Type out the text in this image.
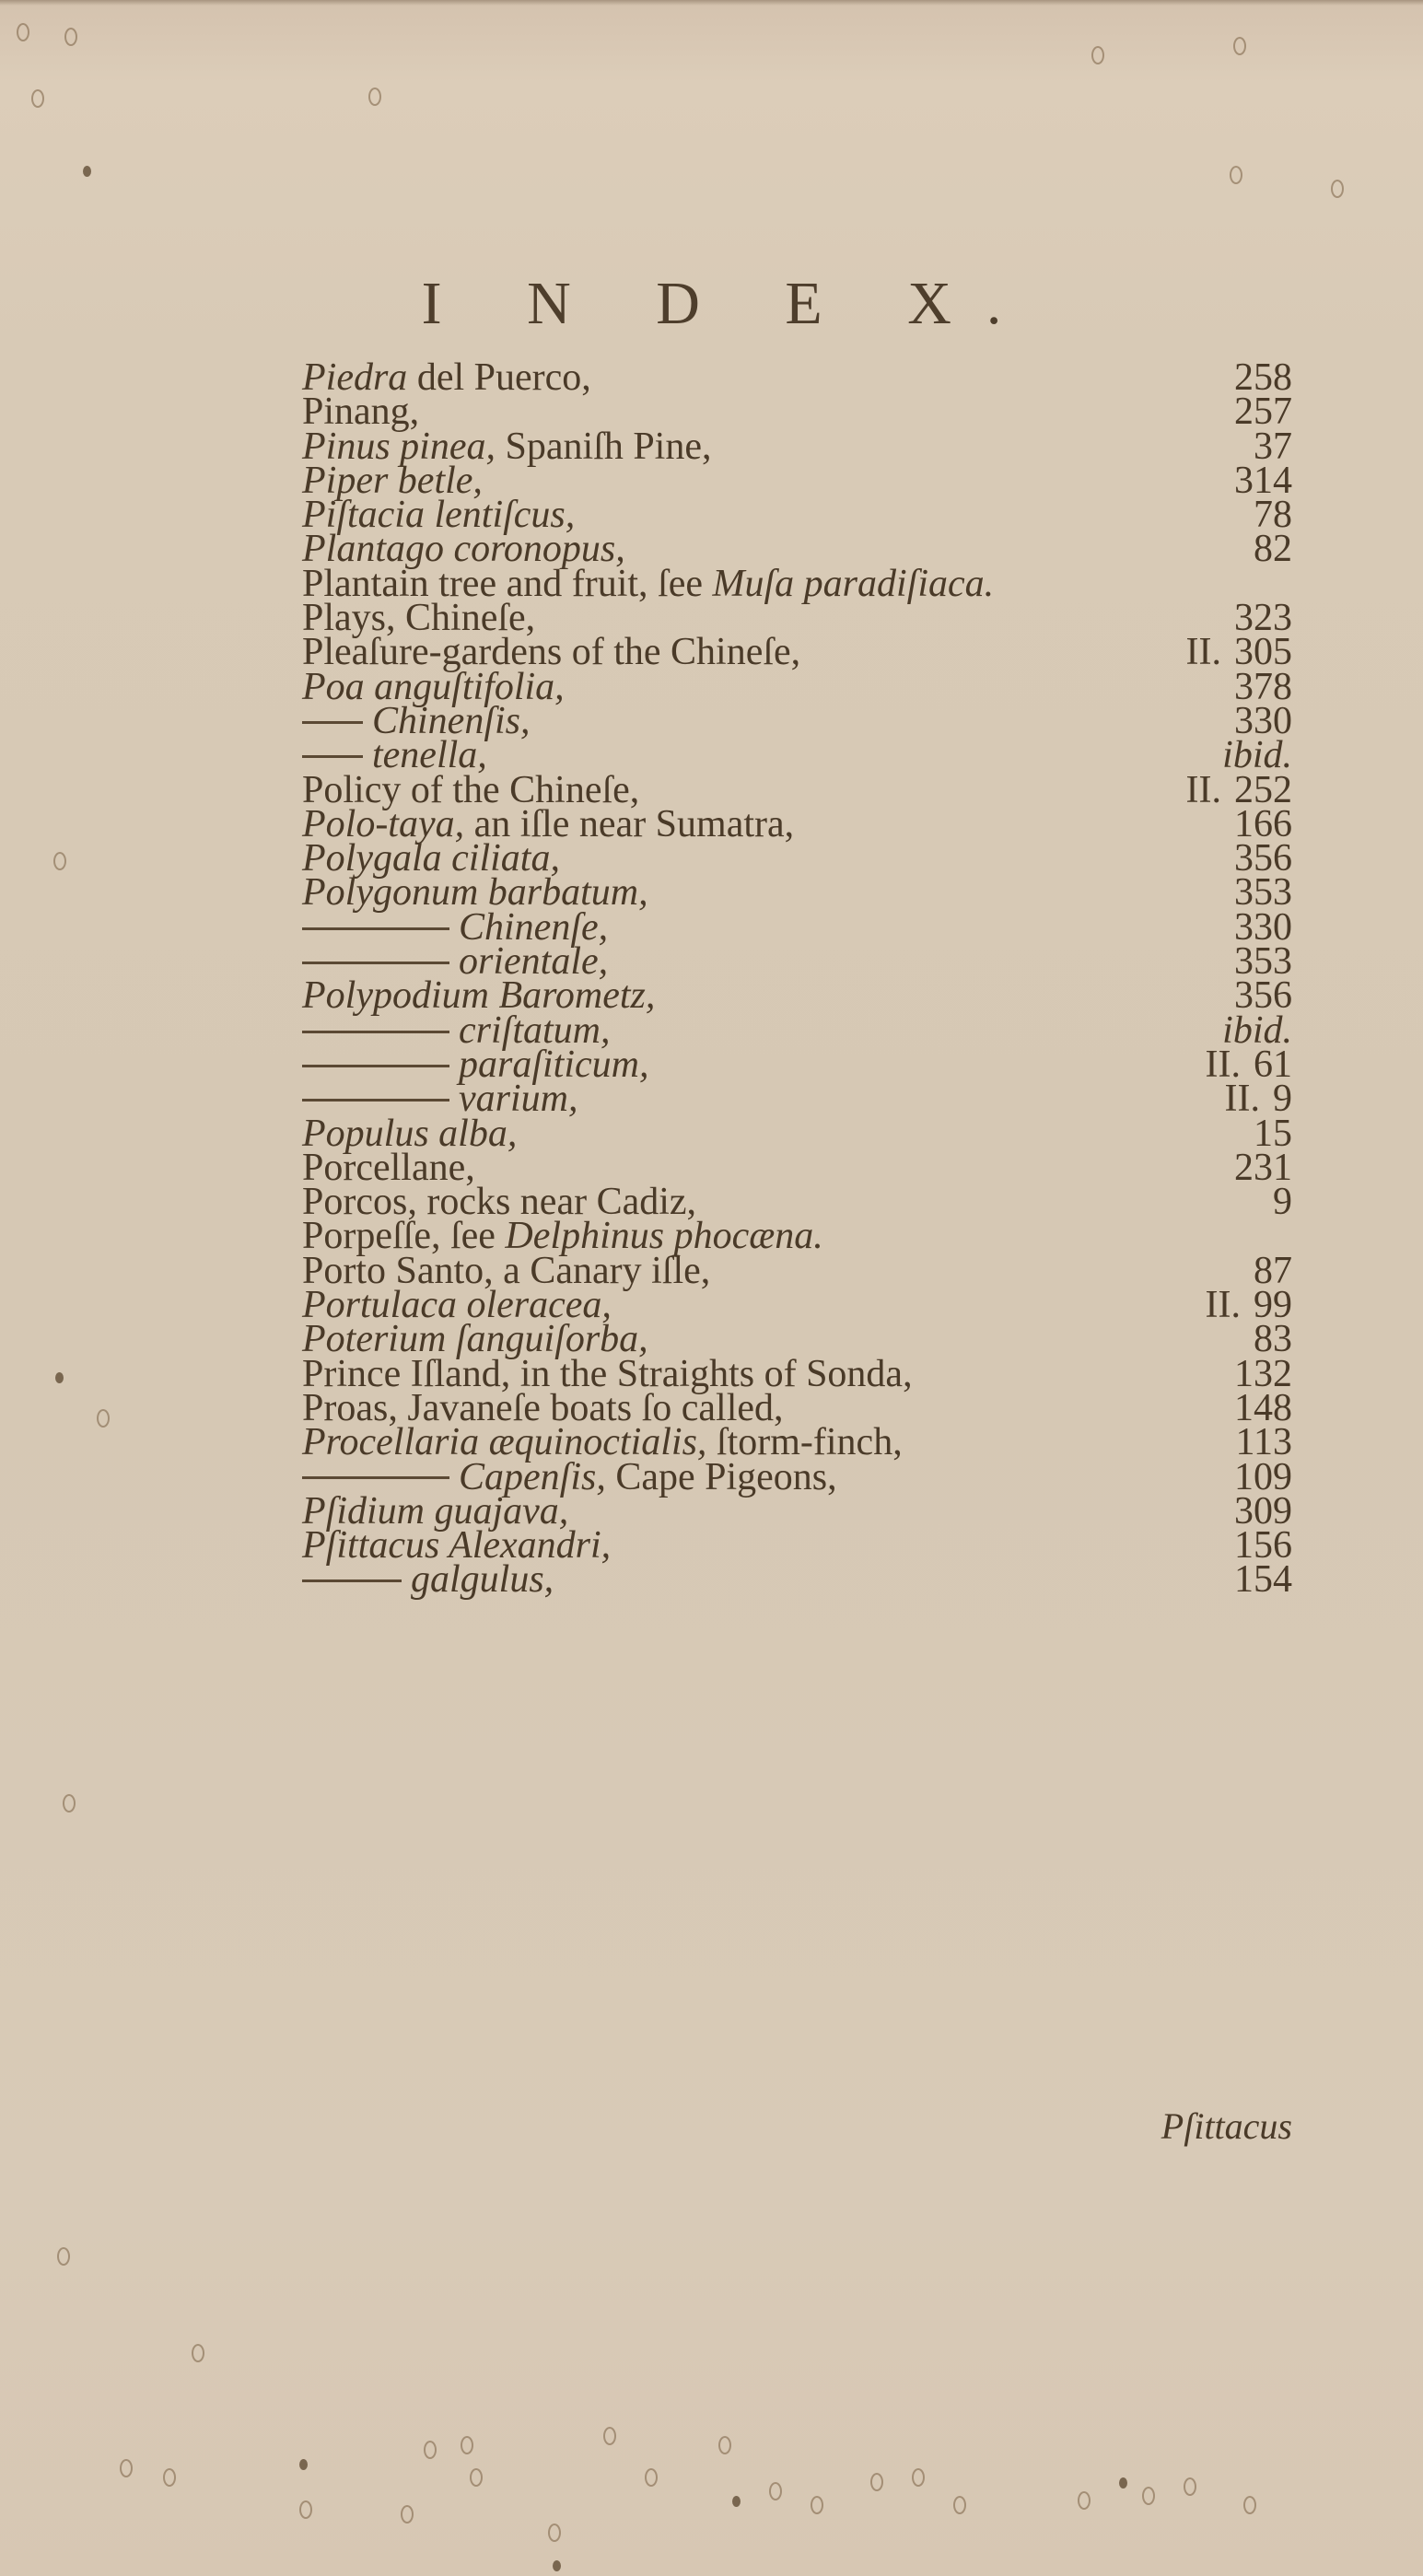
I N D E X.
Piedra del Puerco,	258
Pinang,	257
Pinus pinea, Spaniſh Pine,	37
Piper betle,	314
Piſtacia lentiſcus,	78
Plantago coronopus,	82
Plantain tree and fruit, ſee Muſa paradiſiaca.
Plays, Chineſe,	323
Pleaſure-gardens of the Chineſe,	II. 305
Poa anguſtifolia,	378
Chinenſis,	330
tenella,	ibid.
Policy of the Chineſe,	II. 252
Polo-taya, an iſle near Sumatra,	166
Polygala ciliata,	356
Polygonum barbatum,	353
Chinenſe,	330
orientale,	353
Polypodium Barometz,	356
criſtatum,	ibid.
paraſiticum,	II. 61
varium,	II. 9
Populus alba,	15
Porcellane,	231
Porcos, rocks near Cadiz,	9
Porpeſſe, ſee Delphinus phocæna.
Porto Santo, a Canary iſle,	87
Portulaca oleracea,	II. 99
Poterium ſanguiſorba,	83
Prince Iſland, in the Straights of Sonda,	132
Proas, Javaneſe boats ſo called,	148
Procellaria æquinoctialis, ſtorm-finch,	113
Capenſis, Cape Pigeons,	109
Pſidium guajava,	309
Pſittacus Alexandri,	156
galgulus,	154
Pſittacus
